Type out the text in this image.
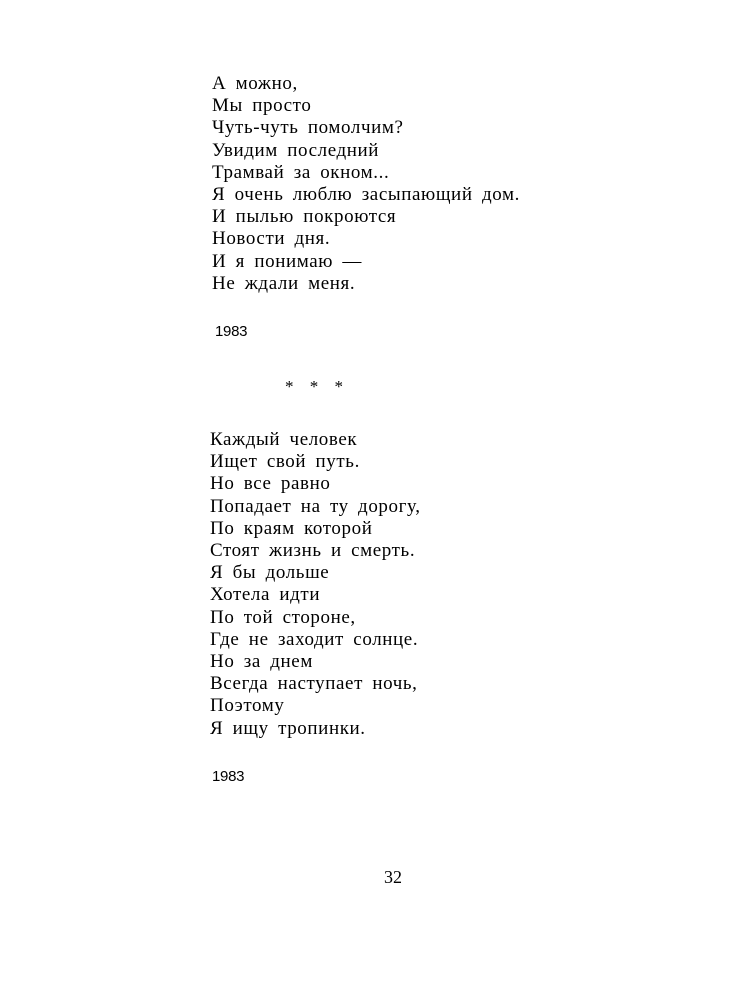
А можно,
Мы просто
Чуть-чуть помолчим?
Увидим последний
Трамвай за окном...
Я очень люблю засыпающий дом.
И пылью покроются
Новости дня.
И я понимаю —
Не ждали меня.
1983
* * *
Каждый человек
Ищет свой путь.
Но все равно
Попадает на ту дорогу,
По краям которой
Стоят жизнь и смерть.
Я бы дольше
Хотела идти
По той стороне,
Где не заходит солнце.
Но за днем
Всегда наступает ночь,
Поэтому
Я ищу тропинки.
1983
32
